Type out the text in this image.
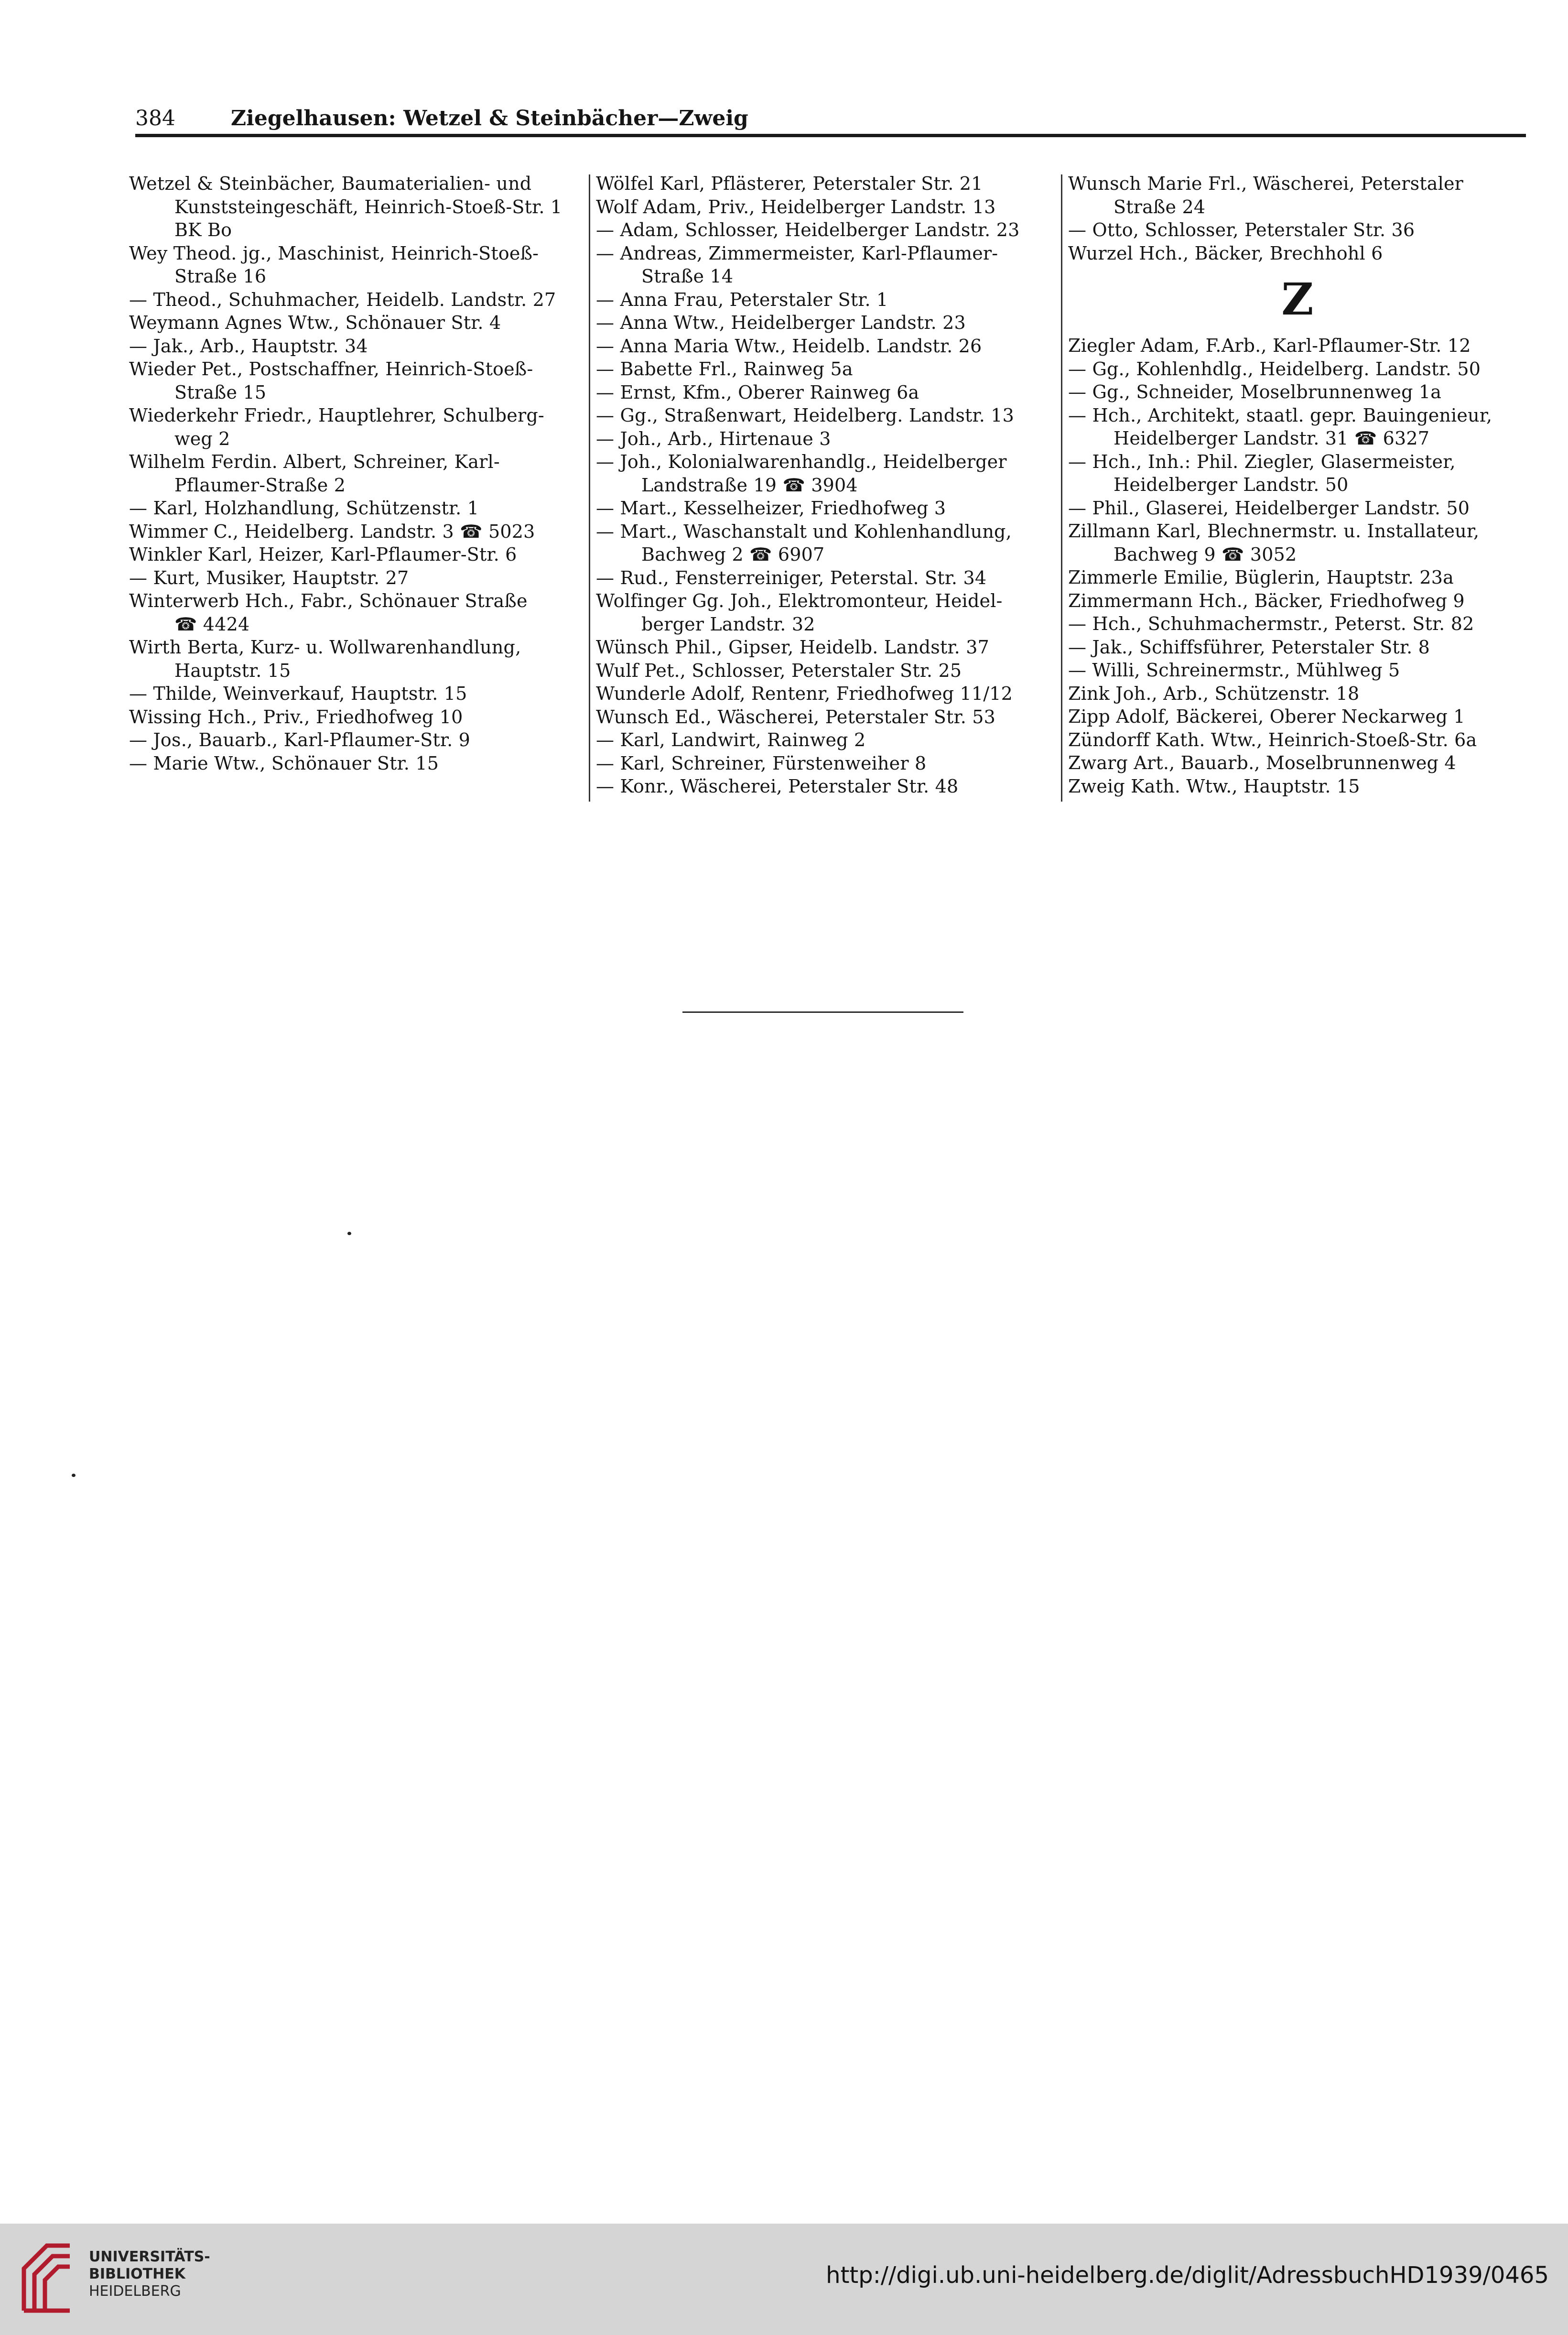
384	Ziegelhausen: Wetzel & Steinbächer—Zweig
Wetzel & Steinbächer, Baumaterialien- und
Kunststeingeschäft, Heinrich-Stoeß-Str. 1
BK Bo
Wey Theod. jg., Maschinist, Heinrich-Stoeß-
Straße 16
— Theod., Schuhmacher, Heidelb. Landstr. 27
Weymann Agnes Wtw., Schönauer Str. 4
— Jak., Arb., Hauptstr. 34
Wieder Pet., Postschaffner, Heinrich-Stoeß-
Straße 15
Wiederkehr Friedr., Hauptlehrer, Schulberg-
weg 2
Wilhelm Ferdin. Albert, Schreiner, Karl-
Pflaumer-Straße 2
— Karl, Holzhandlung, Schützenstr. 1
Wimmer C., Heidelberg. Landstr. 3 ☎ 5023
Winkler Karl, Heizer, Karl-Pflaumer-Str. 6
— Kurt, Musiker, Hauptstr. 27
Winterwerb Hch., Fabr., Schönauer Straße
☎ 4424
Wirth Berta, Kurz- u. Wollwarenhandlung,
Hauptstr. 15
— Thilde, Weinverkauf, Hauptstr. 15
Wissing Hch., Priv., Friedhofweg 10
— Jos., Bauarb., Karl-Pflaumer-Str. 9
— Marie Wtw., Schönauer Str. 15
Wölfel Karl, Pflästerer, Peterstaler Str. 21
Wolf Adam, Priv., Heidelberger Landstr. 13
— Adam, Schlosser, Heidelberger Landstr. 23
— Andreas, Zimmermeister, Karl-Pflaumer-
Straße 14
— Anna Frau, Peterstaler Str. 1
— Anna Wtw., Heidelberger Landstr. 23
— Anna Maria Wtw., Heidelb. Landstr. 26
— Babette Frl., Rainweg 5a
— Ernst, Kfm., Oberer Rainweg 6a
— Gg., Straßenwart, Heidelberg. Landstr. 13
— Joh., Arb., Hirtenaue 3
— Joh., Kolonialwarenhandlg., Heidelberger
Landstraße 19 ☎ 3904
— Mart., Kesselheizer, Friedhofweg 3
— Mart., Waschanstalt und Kohlenhandlung,
Bachweg 2 ☎ 6907
— Rud., Fensterreiniger, Peterstal. Str. 34
Wolfinger Gg. Joh., Elektromonteur, Heidel-
berger Landstr. 32
Wünsch Phil., Gipser, Heidelb. Landstr. 37
Wulf Pet., Schlosser, Peterstaler Str. 25
Wunderle Adolf, Rentenr, Friedhofweg 11/12
Wunsch Ed., Wäscherei, Peterstaler Str. 53
— Karl, Landwirt, Rainweg 2
— Karl, Schreiner, Fürstenweiher 8
— Konr., Wäscherei, Peterstaler Str. 48
Wunsch Marie Frl., Wäscherei, Peterstaler
Straße 24
— Otto, Schlosser, Peterstaler Str. 36
Wurzel Hch., Bäcker, Brechhohl 6
Z
Ziegler Adam, F.Arb., Karl-Pflaumer-Str. 12
— Gg., Kohlenhdlg., Heidelberg. Landstr. 50
— Gg., Schneider, Moselbrunnenweg 1a
— Hch., Architekt, staatl. gepr. Bauingenieur,
Heidelberger Landstr. 31 ☎ 6327
— Hch., Inh.: Phil. Ziegler, Glasermeister,
Heidelberger Landstr. 50
— Phil., Glaserei, Heidelberger Landstr. 50
Zillmann Karl, Blechnermstr. u. Installateur,
Bachweg 9 ☎ 3052
Zimmerle Emilie, Büglerin, Hauptstr. 23a
Zimmermann Hch., Bäcker, Friedhofweg 9
— Hch., Schuhmachermstr., Peterst. Str. 82
— Jak., Schiffsführer, Peterstaler Str. 8
— Willi, Schreinermstr., Mühlweg 5
Zink Joh., Arb., Schützenstr. 18
Zipp Adolf, Bäckerei, Oberer Neckarweg 1
Zündorff Kath. Wtw., Heinrich-Stoeß-Str. 6a
Zwarg Art., Bauarb., Moselbrunnenweg 4
Zweig Kath. Wtw., Hauptstr. 15
UNIVERSITÄTS-
BIBLIOTHEK
HEIDELBERG
http://digi.ub.uni-heidelberg.de/diglit/AdressbuchHD1939/0465
